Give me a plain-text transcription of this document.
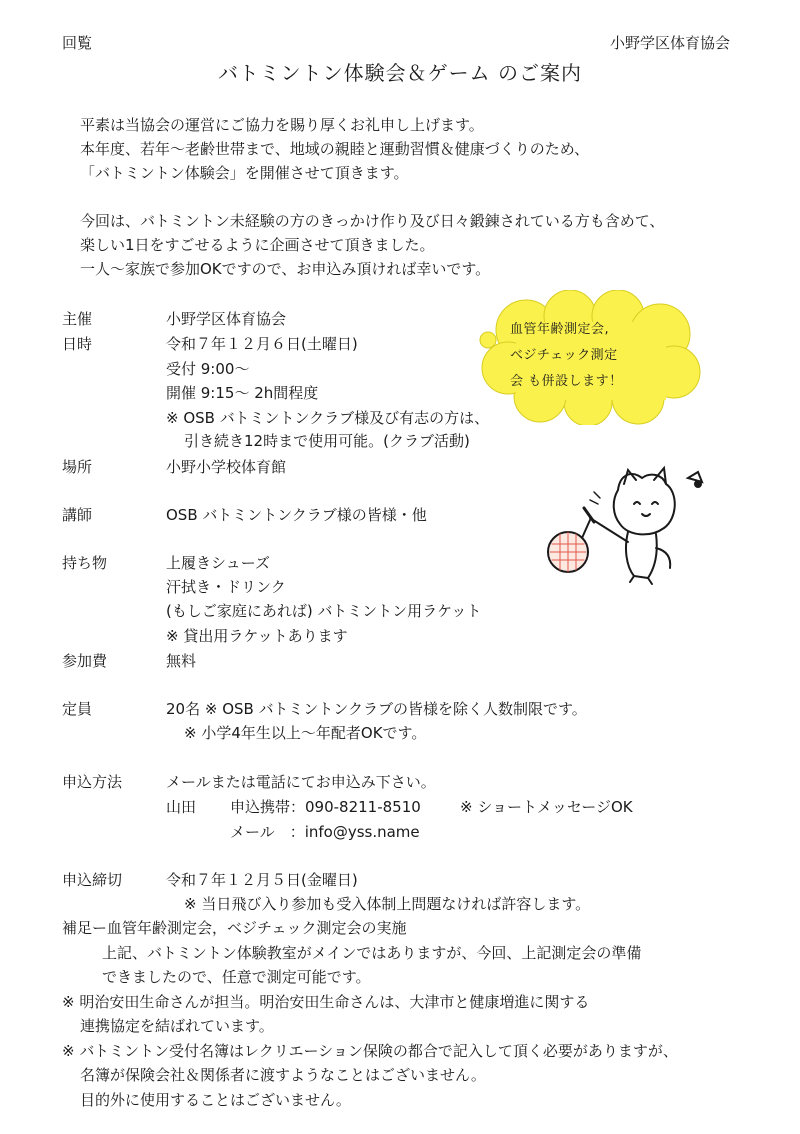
回覧	小野学区体育協会
バトミントン体験会＆ゲーム のご案内
平素は当協会の運営にご協力を賜り厚くお礼申し上げます。
本年度、若年～老齢世帯まで、地域の親睦と運動習慣＆健康づくりのため、
「バトミントン体験会」を開催させて頂きます。
今回は、バトミントン未経験の方のきっかけ作り及び日々鍛錬されている方も含めて、
楽しい1日をすごせるように企画させて頂きました。
一人～家族で参加OKですので、お申込み頂ければ幸いです。
血管年齢測定会,
ベジチェック測定
会 も併設します！
主催	小野学区体育協会
日時	令和７年１２月６日(土曜日)
受付 9:00～
開催 9:15～ 2h間程度
※ OSB バトミントンクラブ様及び有志の方は、
引き続き12時まで使用可能。(クラブ活動)
場所	小野小学校体育館
講師	OSB バトミントンクラブ様の皆様・他
持ち物	上履きシューズ
汗拭き・ドリンク
(もしご家庭にあれば) バトミントン用ラケット
※ 貸出用ラケットあります
参加費	無料
定員	20名 ※ OSB バトミントンクラブの皆様を除く人数制限です。
※ 小学4年生以上～年配者OKです。
申込方法	メールまたは電話にてお申込み下さい。
山田 申込携帯：090-8211-8510	※ ショートメッセージOK
メール　：info@yss.name
申込締切	令和７年１２月５日(金曜日)
※ 当日飛び入り参加も受入体制上問題なければ許容します。
補足ー血管年齢測定会，ベジチェック測定会の実施
上記、バトミントン体験教室がメインではありますが、今回、上記測定会の準備
できましたので、任意で測定可能です。
※ 明治安田生命さんが担当。明治安田生命さんは、大津市と健康増進に関する
連携協定を結ばれています。
※ バトミントン受付名簿はレクリエーション保険の都合で記入して頂く必要がありますが、
名簿が保険会社＆関係者に渡すようなことはございません。
目的外に使用することはございません。
